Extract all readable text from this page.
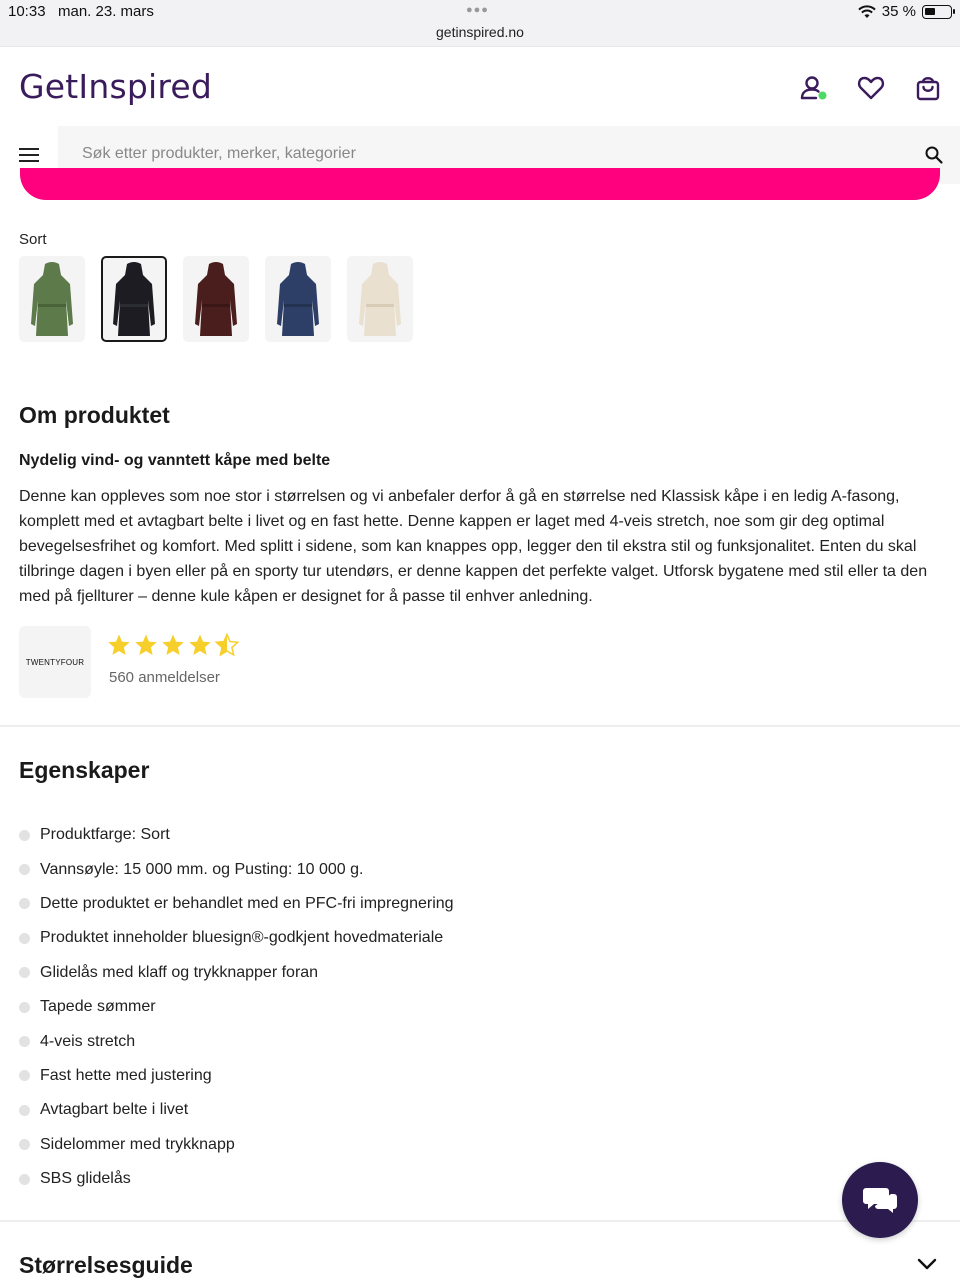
10:33 man. 23. mars	●●●
getinspired.no
35 %
GetInspired
Søk etter produkter, merker, kategorier
Sort
Om produktet
Nydelig vind- og vanntett kåpe med belte
Denne kan oppleves som noe stor i størrelsen og vi anbefaler derfor å gå en størrelse ned Klassisk kåpe i en ledig A-fasong, komplett med et avtagbart belte i livet og en fast hette. Denne kappen er laget med 4-veis stretch, noe som gir deg optimal bevegelsesfrihet og komfort. Med splitt i sidene, som kan knappes opp, legger den til ekstra stil og funksjonalitet. Enten du skal tilbringe dagen i byen eller på en sporty tur utendørs, er denne kappen det perfekte valget. Utforsk bygatene med stil eller ta den med på fjellturer – denne kule kåpen er designet for å passe til enhver anledning.
TWENTYFOUR
560 anmeldelser
Egenskaper
Produktfarge: Sort
Vannsøyle: 15 000 mm. og Pusting: 10 000 g.
Dette produktet er behandlet med en PFC-fri impregnering
Produktet inneholder bluesign®-godkjent hovedmateriale
Glidelås med klaff og trykknapper foran
Tapede sømmer
4-veis stretch
Fast hette med justering
Avtagbart belte i livet
Sidelommer med trykknapp
SBS glidelås
Størrelsesguide
